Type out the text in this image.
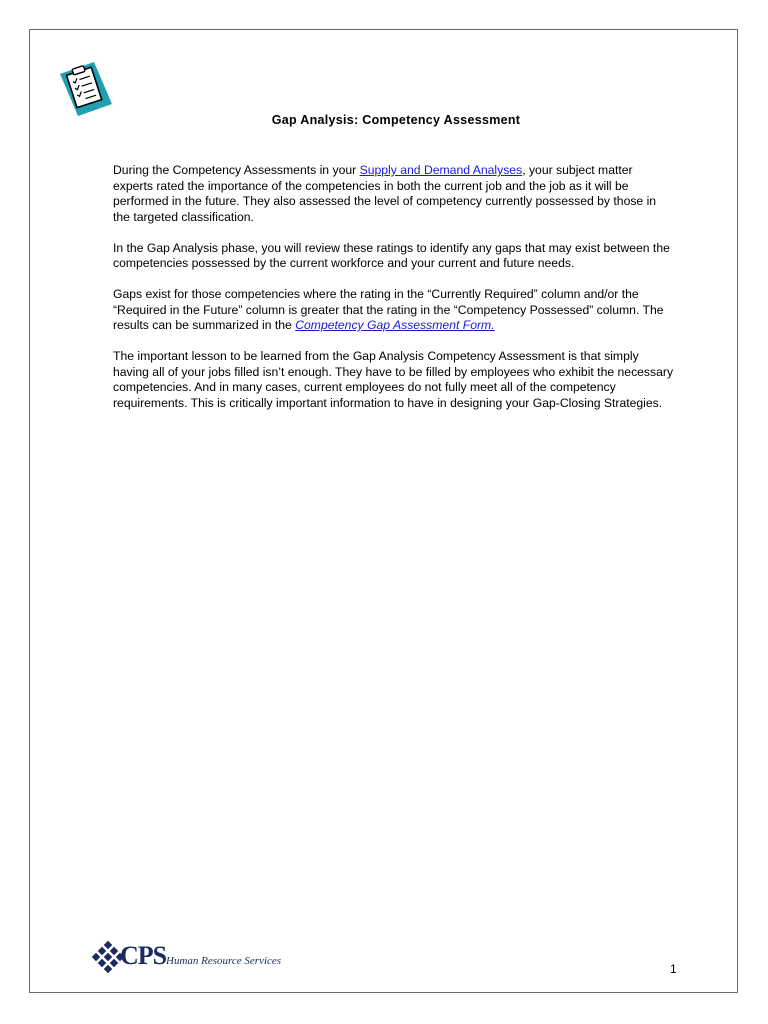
Gap Analysis: Competency Assessment

During the Competency Assessments in your Supply and Demand Analyses, your subject matter experts rated the importance of the competencies in both the current job and the job as it will be performed in the future. They also assessed the level of competency currently possessed by those in the targeted classification.

In the Gap Analysis phase, you will review these ratings to identify any gaps that may exist between the competencies possessed by the current workforce and your current and future needs.

Gaps exist for those competencies where the rating in the “Currently Required” column and/or the “Required in the Future” column is greater that the rating in the “Competency Possessed” column. The results can be summarized in the Competency Gap Assessment Form.

The important lesson to be learned from the Gap Analysis Competency Assessment is that simply having all of your jobs filled isn’t enough. They have to be filled by employees who exhibit the necessary competencies. And in many cases, current employees do not fully meet all of the competency requirements. This is critically important information to have in designing your Gap-Closing Strategies.

CPS Human Resource Services
1
